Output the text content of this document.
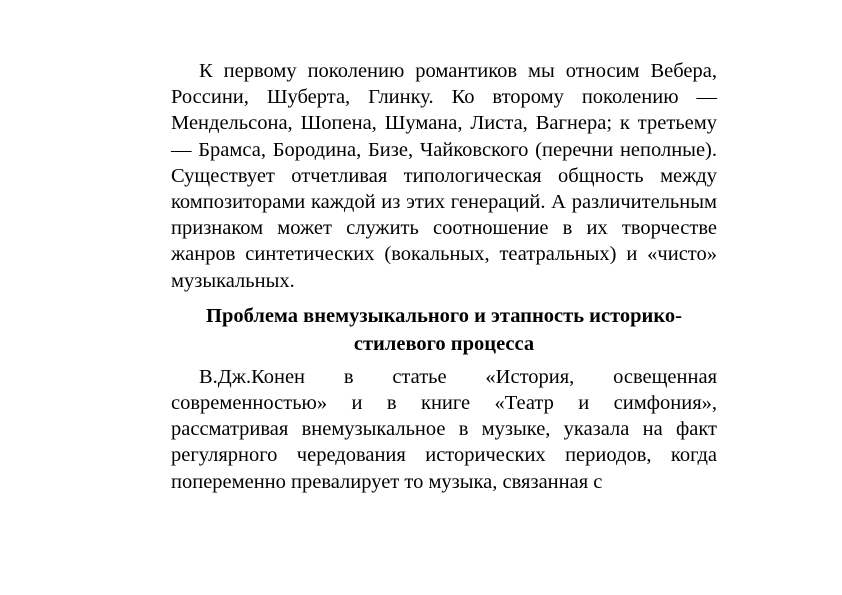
К первому поколению романтиков мы относим Вебера, Россини, Шуберта, Глинку. Ко второму поколению — Мендельсона, Шопена, Шумана, Листа, Вагнера; к третьему — Брамса, Бородина, Бизе, Чайковского (перечни неполные). Существует отчетливая типологическая общность между композиторами каждой из этих генераций. А различительным признаком может служить соотношение в их творчестве жанров синтетических (вокальных, театральных) и «чисто» музыкальных.

Проблема внемузыкального и этапность историко-стилевого процесса

В.Дж.Конен в статье «История, освещенная современностью» и в книге «Театр и симфония», рассматривая внемузыкальное в музыке, указала на факт регулярного чередования исторических периодов, когда попеременно превалирует то музыка, связанная с
